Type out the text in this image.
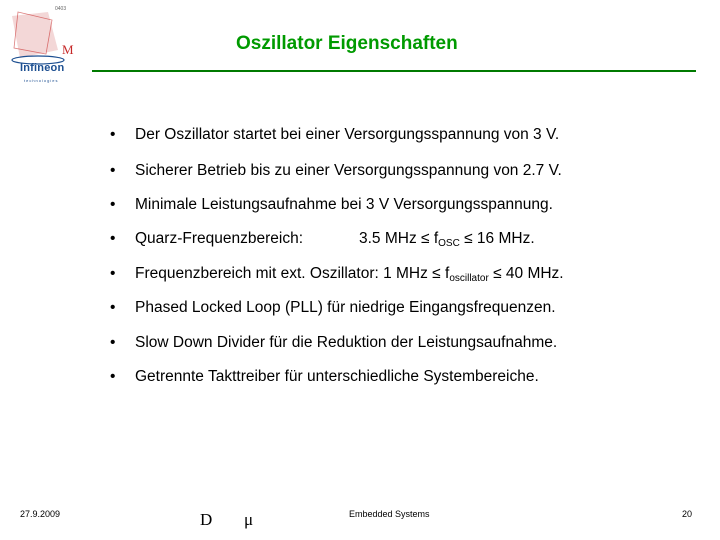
0403
M
Infineon
technologies
Oszillator Eigenschaften
•	Der Oszillator startet bei einer Versorgungsspannung von 3 V.
•	Sicherer Betrieb bis zu einer Versorgungsspannung von 2.7 V.
•	Minimale Leistungsaufnahme bei 3 V Versorgungsspannung.
•	Quarz-Frequenzbereich:	3.5 MHz ≤ fOSC ≤ 16 MHz.
•	Frequenzbereich mit ext. Oszillator: 1 MHz ≤ foscillator ≤ 40 MHz.
•	Phased Locked Loop (PLL) für niedrige Eingangsfrequenzen.
•	Slow Down Divider für die Reduktion der Leistungsaufnahme.
•	Getrennte Takttreiber für unterschiedliche Systembereiche.
27.9.2009	D μ	Embedded Systems	20
